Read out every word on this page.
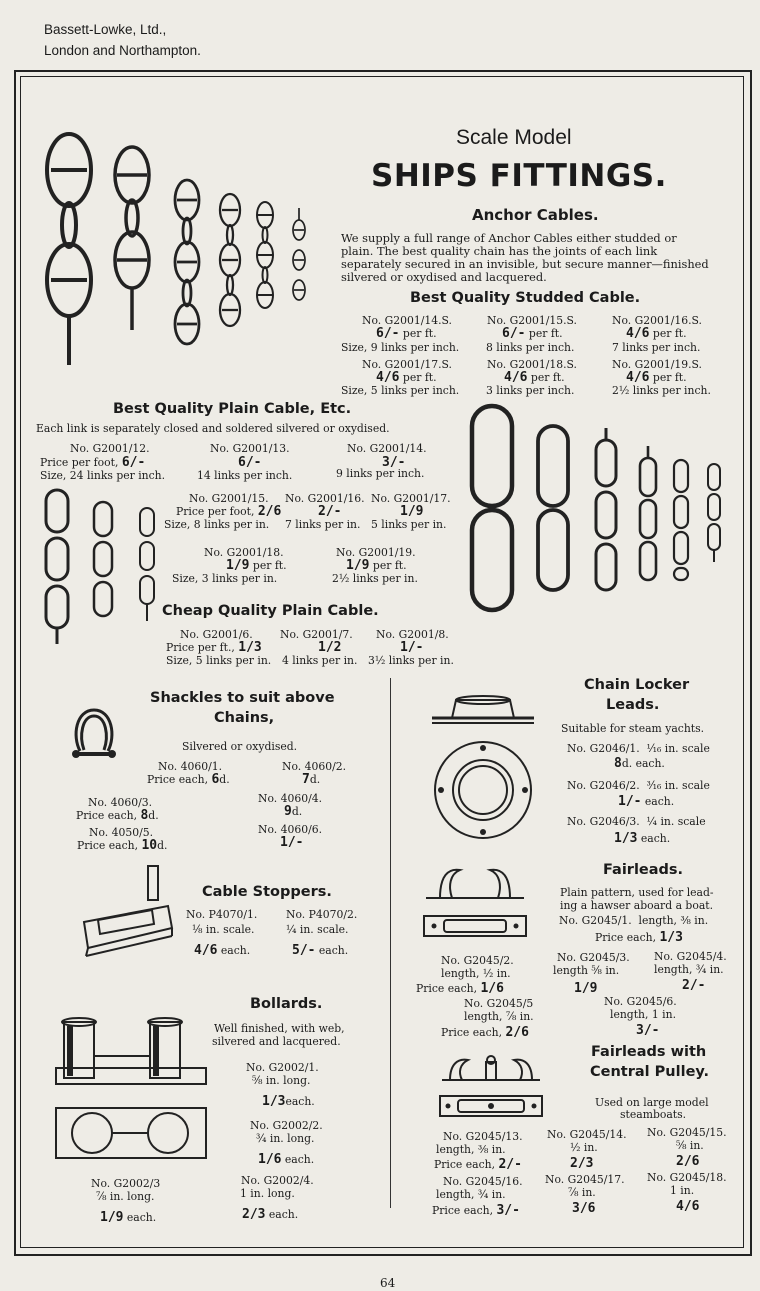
Bassett-Lowke, Ltd.,
London and Northampton.
Scale Model
SHIPS FITTINGS.
Anchor Cables.
We supply a full range of Anchor Cables either studded or
plain. The best quality chain has the joints of each link
separately secured in an invisible, but secure manner—finished
silvered or oxydised and lacquered.
Best Quality Studded Cable.
No. G2001/14.S.
6/- per ft.
Size, 9 links per inch.
No. G2001/15.S.
6/- per ft.
8 links per inch.
No. G2001/16.S.
4/6 per ft.
7 links per inch.
No. G2001/17.S.
4/6 per ft.
Size, 5 links per inch.
No. G2001/18.S.
4/6 per ft.
3 links per inch.
No. G2001/19.S.
4/6 per ft.
2½ links per inch.
Best Quality Plain Cable, Etc.
Each link is separately closed and soldered silvered or oxydised.
No. G2001/12.
Price per foot, 6/-
Size, 24 links per inch.
No. G2001/13.
6/-
14 links per inch.
No. G2001/14.
3/-
9 links per inch.
No. G2001/15.
Price per foot, 2/6
Size, 8 links per in.
No. G2001/16.
2/-
7 links per in.
No. G2001/17.
1/9
5 links per in.
No. G2001/18.
1/9 per ft.
Size, 3 links per in.
No. G2001/19.
1/9 per ft.
2½ links per in.
Cheap Quality Plain Cable.
No. G2001/6.
Price per ft., 1/3
Size, 5 links per in.
No. G2001/7.
1/2
4 links per in.
No. G2001/8.
1/-
3½ links per in.
Shackles to suit above
Chains,
Silvered or oxydised.
No. 4060/1.
Price each, 6d.
No. 4060/2.
7d.
No. 4060/3.
Price each, 8d.
No. 4060/4.
9d.
No. 4050/5.
Price each, 10d.
No. 4060/6.
1/-
Cable Stoppers.
No. P4070/1.
⅛ in. scale.
4/6 each.
No. P4070/2.
¼ in. scale.
5/- each.
Bollards.
Well finished, with web,
silvered and lacquered.
No. G2002/1.
⅝ in. long.
1/3each.
No. G2002/2.
¾ in. long.
1/6 each.
No. G2002/3
⅞ in. long.
1/9 each.
No. G2002/4.
1 in. long.
2/3 each.
Chain Locker
Leads.
Suitable for steam yachts.
No. G2046/1. ¹⁄₁₆ in. scale
8d. each.
No. G2046/2. ³⁄₁₆ in. scale
1/- each.
No. G2046/3. ¼ in. scale
1/3 each.
Fairleads.
Plain pattern, used for lead-
ing a hawser aboard a boat.
No. G2045/1. length, ⅜ in.
Price each, 1/3
No. G2045/2.
length, ½ in.
Price each, 1/6
No. G2045/3.
length ⅝ in.
1/9
No. G2045/4.
length, ¾ in.
2/-
No. G2045/5
length, ⅞ in.
Price each, 2/6
No. G2045/6.
length, 1 in.
3/-
Fairleads with
Central Pulley.
Used on large model
steamboats.
No. G2045/13.
length, ⅜ in.
Price each, 2/-
No. G2045/14.
½ in.
2/3
No. G2045/15.
⅝ in.
2/6
No. G2045/16.
length, ¾ in.
Price each, 3/-
No. G2045/17.
⅞ in.
3/6
No. G2045/18.
1 in.
4/6
64
